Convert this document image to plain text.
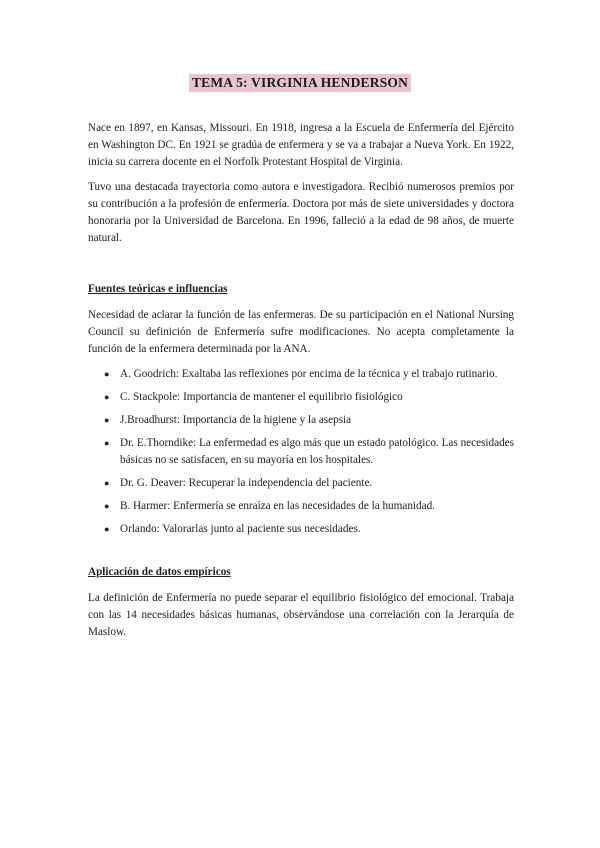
TEMA 5: VIRGINIA HENDERSON

Nace en 1897, en Kansas, Missouri. En 1918, ingresa a la Escuela de Enfermería del Ejército en Washington DC. En 1921 se gradúa de enfermera y se va a trabajar a Nueva York. En 1922, inicia su carrera docente en el Norfolk Protestant Hospital de Virginia.

Tuvo una destacada trayectoria como autora e investigadora. Recibió numerosos premios por su contribución a la profesión de enfermería. Doctora por más de siete universidades y doctora honoraria por la Universidad de Barcelona. En 1996, falleció a la edad de 98 años, de muerte natural.

Fuentes teóricas e influencias

Necesidad de aclarar la función de las enfermeras. De su participación en el National Nursing Council su definición de Enfermería sufre modificaciones. No acepta completamente la función de la enfermera determinada por la ANA.

● A. Goodrich: Exaltaba las reflexiones por encima de la técnica y el trabajo rutinario.
● C. Stackpole: Importancia de mantener el equilibrio fisiológico
● J.Broadhurst: Importancia de la higiene y la asepsia
● Dr. E.Thorndike: La enfermedad es algo más que un estado patológico. Las necesidades básicas no se satisfacen, en su mayoría en los hospitales.
● Dr. G. Deaver: Recuperar la independencia del paciente.
● B. Harmer: Enfermería se enraíza en las necesidades de la humanidad.
● Orlando: Valorarlas junto al paciente sus necesidades.
Aplicación de datos empíricos

La definición de Enfermería no puede separar el equilibrio fisiológico del emocional. Trabaja con las 14 necesidades básicas humanas, observándose una correlación con la Jerarquía de Maslow.
